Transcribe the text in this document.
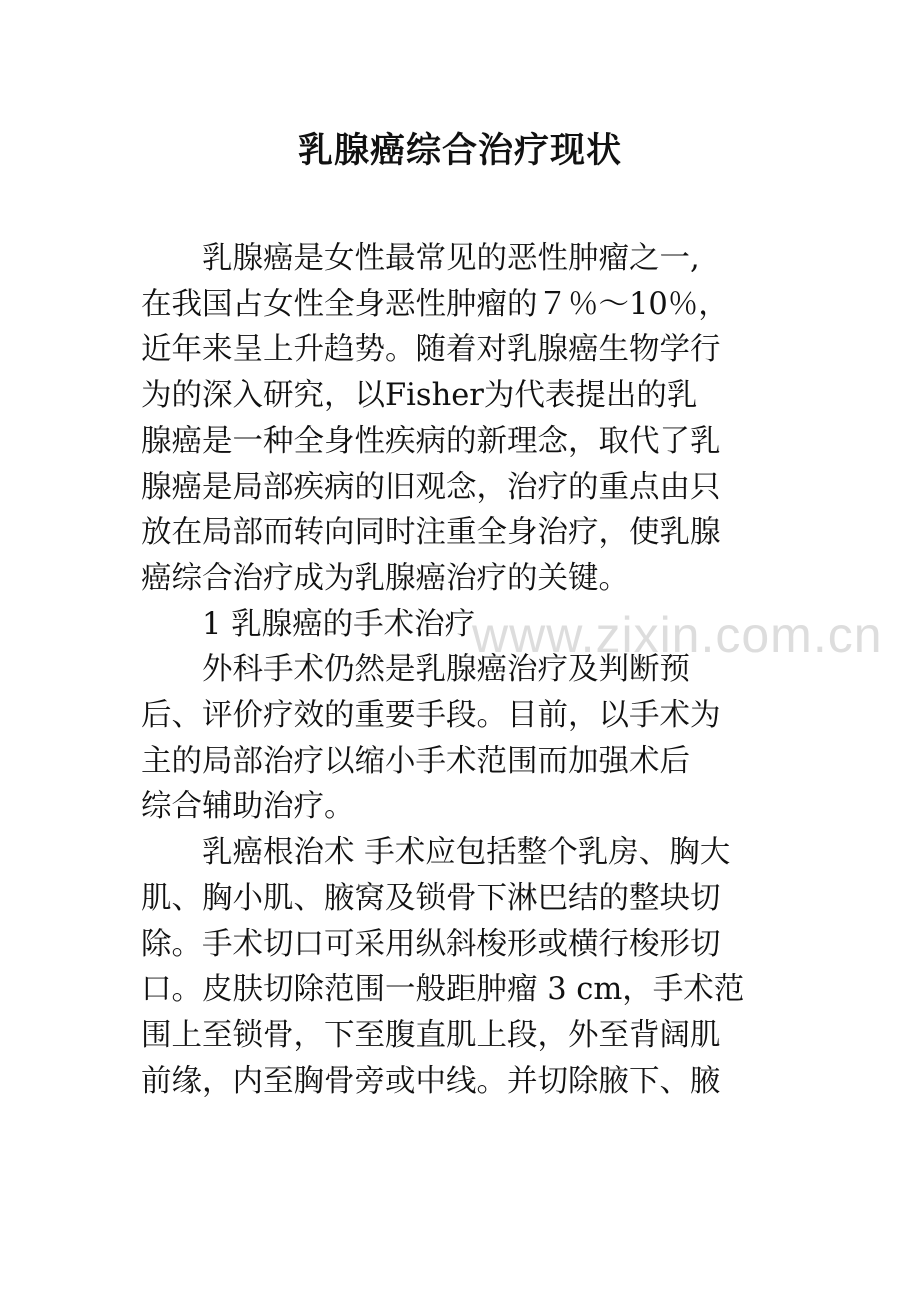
乳腺癌综合治疗现状

乳腺癌是女性最常见的恶性肿瘤之一,
在我国占女性全身恶性肿瘤的７％～10％，
近年来呈上升趋势。随着对乳腺癌生物学行
为的深入研究，以Fisher为代表提出的乳
腺癌是一种全身性疾病的新理念，取代了乳
腺癌是局部疾病的旧观念，治疗的重点由只
放在局部而转向同时注重全身治疗，使乳腺
癌综合治疗成为乳腺癌治疗的关键。

1 乳腺癌的手术治疗

外科手术仍然是乳腺癌治疗及判断预
后、评价疗效的重要手段。目前，以手术为
主的局部治疗以缩小手术范围而加强术后
综合辅助治疗。

乳癌根治术 手术应包括整个乳房、胸大
肌、胸小肌、腋窝及锁骨下淋巴结的整块切
除。手术切口可采用纵斜梭形或横行梭形切
口。皮肤切除范围一般距肿瘤 3 cm，手术范
围上至锁骨，下至腹直肌上段，外至背阔肌
前缘，内至胸骨旁或中线。并切除腋下、腋

www.zixin.com.cn
